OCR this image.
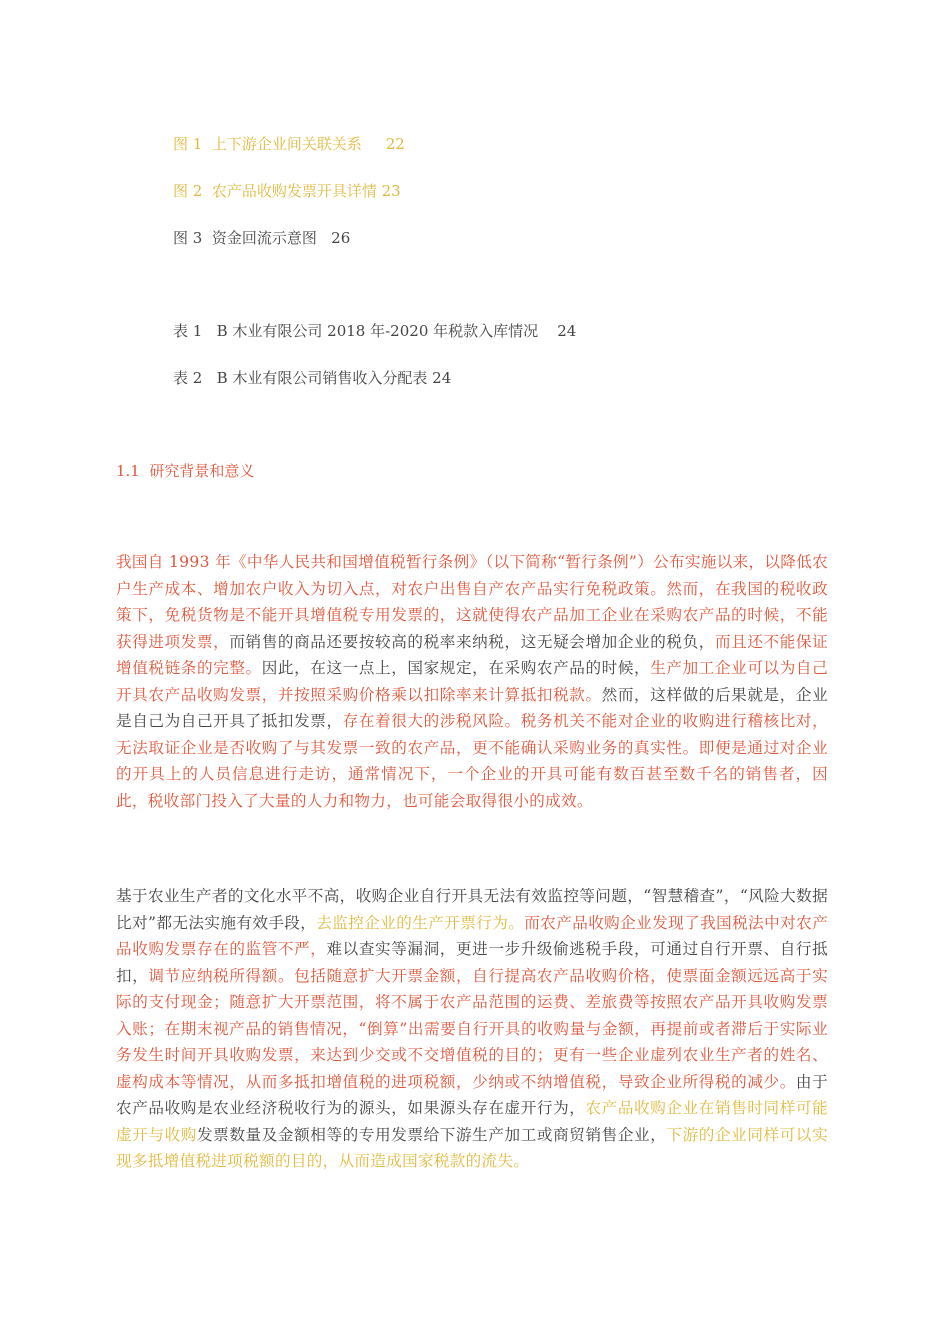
图 1  上下游企业间关联关系     22
图 2  农产品收购发票开具详情 23
图 3  资金回流示意图   26
表 1   B 木业有限公司 2018 年-2020 年税款入库情况    24
表 2   B 木业有限公司销售收入分配表 24
1.1  研究背景和意义
我国自 1993 年《中华人民共和国增值税暂行条例》（以下简称“暂行条例”）公布实施以来，以降低农户生产成本、增加农户收入为切入点，对农户出售自产农产品实行免税政策。然而，在我国的税收政策下，免税货物是不能开具增值税专用发票的，这就使得农产品加工企业在采购农产品的时候，不能获得进项发票，而销售的商品还要按较高的税率来纳税，这无疑会增加企业的税负，而且还不能保证增值税链条的完整。因此，在这一点上，国家规定，在采购农产品的时候，生产加工企业可以为自己开具农产品收购发票，并按照采购价格乘以扣除率来计算抵扣税款。然而，这样做的后果就是，企业是自己为自己开具了抵扣发票，存在着很大的涉税风险。税务机关不能对企业的收购进行稽核比对，无法取证企业是否收购了与其发票一致的农产品，更不能确认采购业务的真实性。即便是通过对企业的开具上的人员信息进行走访，通常情况下，一个企业的开具可能有数百甚至数千名的销售者，因此，税收部门投入了大量的人力和物力，也可能会取得很小的成效。
基于农业生产者的文化水平不高，收购企业自行开具无法有效监控等问题，“智慧稽查”，“风险大数据比对”都无法实施有效手段，去监控企业的生产开票行为。而农产品收购企业发现了我国税法中对农产品收购发票存在的监管不严，难以查实等漏洞，更进一步升级偷逃税手段，可通过自行开票、自行抵扣，调节应纳税所得额。包括随意扩大开票金额，自行提高农产品收购价格，使票面金额远远高于实际的支付现金；随意扩大开票范围，将不属于农产品范围的运费、差旅费等按照农产品开具收购发票入账；在期末视产品的销售情况，“倒算”出需要自行开具的收购量与金额，再提前或者滞后于实际业务发生时间开具收购发票，来达到少交或不交增值税的目的；更有一些企业虚列农业生产者的姓名、虚构成本等情况，从而多抵扣增值税的进项税额，少纳或不纳增值税，导致企业所得税的减少。由于农产品收购是农业经济税收行为的源头，如果源头存在虚开行为，农产品收购企业在销售时同样可能虚开与收购发票数量及金额相等的专用发票给下游生产加工或商贸销售企业，下游的企业同样可以实现多抵增值税进项税额的目的，从而造成国家税款的流失。
